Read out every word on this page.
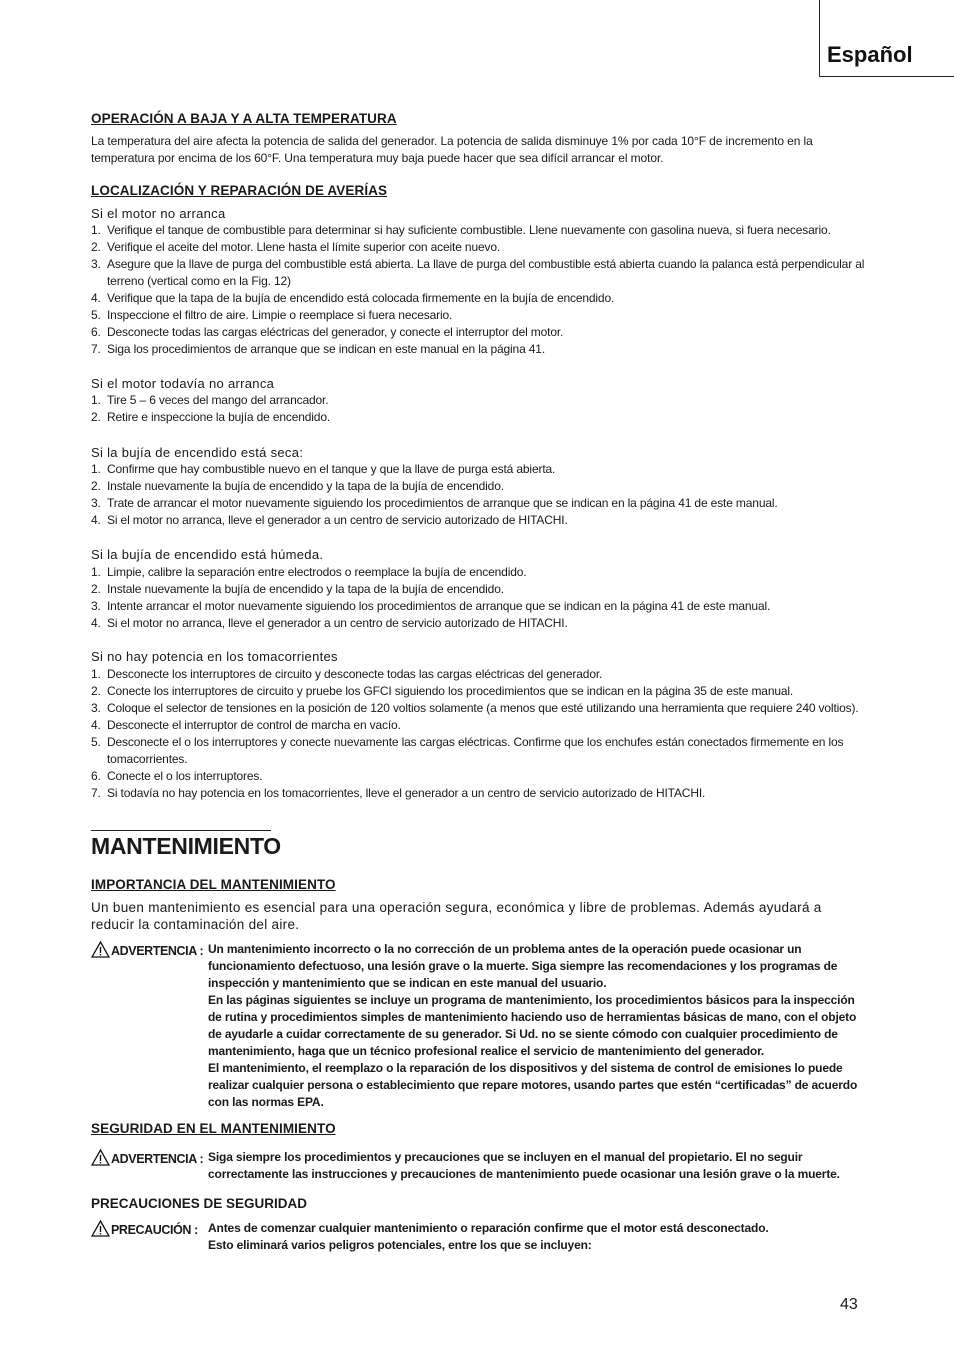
Español
OPERACIÓN A BAJA Y A ALTA TEMPERATURA
La temperatura del aire afecta la potencia de salida del generador. La potencia de salida disminuye 1% por cada 10°F de incremento en la temperatura por encima de los 60°F. Una temperatura muy baja puede hacer que sea difícil arrancar el motor.
LOCALIZACIÓN Y REPARACIÓN DE AVERÍAS
Si el motor no arranca
1. Verifique el tanque de combustible para determinar si hay suficiente combustible. Llene nuevamente con gasolina nueva, si fuera necesario.
2. Verifique el aceite del motor. Llene hasta el límite superior con aceite nuevo.
3. Asegure que la llave de purga del combustible está abierta. La llave de purga del combustible está abierta cuando la palanca está perpendicular al terreno (vertical como en la Fig. 12)
4. Verifique que la tapa de la bujía de encendido está colocada firmemente en la bujía de encendido.
5. Inspeccione el filtro de aire. Limpie o reemplace si fuera necesario.
6. Desconecte todas las cargas eléctricas del generador, y conecte el interruptor del motor.
7. Siga los procedimientos de arranque que se indican en este manual en la página 41.
Si el motor todavía no arranca
1. Tire 5 – 6 veces del mango del arrancador.
2. Retire e inspeccione la bujía de encendido.
Si la bujía de encendido está seca:
1. Confirme que hay combustible nuevo en el tanque y que la llave de purga está abierta.
2. Instale nuevamente la bujía de encendido y la tapa de la bujía de encendido.
3. Trate de arrancar el motor nuevamente siguiendo los procedimientos de arranque que se indican en la página 41 de este manual.
4. Si el motor no arranca, lleve el generador a un centro de servicio autorizado de HITACHI.
Si la bujía de encendido está húmeda.
1. Limpie, calibre la separación entre electrodos o reemplace la bujía de encendido.
2. Instale nuevamente la bujía de encendido y la tapa de la bujía de encendido.
3. Intente arrancar el motor nuevamente siguiendo los procedimientos de arranque que se indican en la página 41 de este manual.
4. Si el motor no arranca, lleve el generador a un centro de servicio autorizado de HITACHI.
Si no hay potencia en los tomacorrientes
1. Desconecte los interruptores de circuito y desconecte todas las cargas eléctricas del generador.
2. Conecte los interruptores de circuito y pruebe los GFCI siguiendo los procedimientos que se indican en la página 35 de este manual.
3. Coloque el selector de tensiones en la posición de 120 voltios solamente (a menos que esté utilizando una herramienta que requiere 240 voltios).
4. Desconecte el interruptor de control de marcha en vacío.
5. Desconecte el o los interruptores y conecte nuevamente las cargas eléctricas. Confirme que los enchufes están conectados firmemente en los tomacorrientes.
6. Conecte el o los interruptores.
7. Si todavía no hay potencia en los tomacorrientes, lleve el generador a un centro de servicio autorizado de HITACHI.
MANTENIMIENTO
IMPORTANCIA DEL MANTENIMIENTO
Un buen mantenimiento es esencial para una operación segura, económica y libre de problemas. Además ayudará a reducir la contaminación del aire.
ADVERTENCIA : Un mantenimiento incorrecto o la no corrección de un problema antes de la operación puede ocasionar un funcionamiento defectuoso, una lesión grave o la muerte. Siga siempre las recomendaciones y los programas de inspección y mantenimiento que se indican en este manual del usuario.
En las páginas siguientes se incluye un programa de mantenimiento, los procedimientos básicos para la inspección de rutina y procedimientos simples de mantenimiento haciendo uso de herramientas básicas de mano, con el objeto de ayudarle a cuidar correctamente de su generador. Si Ud. no se siente cómodo con cualquier procedimiento de mantenimiento, haga que un técnico profesional realice el servicio de mantenimiento del generador.
El mantenimiento, el reemplazo o la reparación de los dispositivos y del sistema de control de emisiones lo puede realizar cualquier persona o establecimiento que repare motores, usando partes que estén “certificadas” de acuerdo con las normas EPA.
SEGURIDAD EN EL MANTENIMIENTO
ADVERTENCIA : Siga siempre los procedimientos y precauciones que se incluyen en el manual del propietario. El no seguir correctamente las instrucciones y precauciones de mantenimiento puede ocasionar una lesión grave o la muerte.
PRECAUCIONES DE SEGURIDAD
PRECAUCIÓN : Antes de comenzar cualquier mantenimiento o reparación confirme que el motor está desconectado.
Esto eliminará varios peligros potenciales, entre los que se incluyen:
43
